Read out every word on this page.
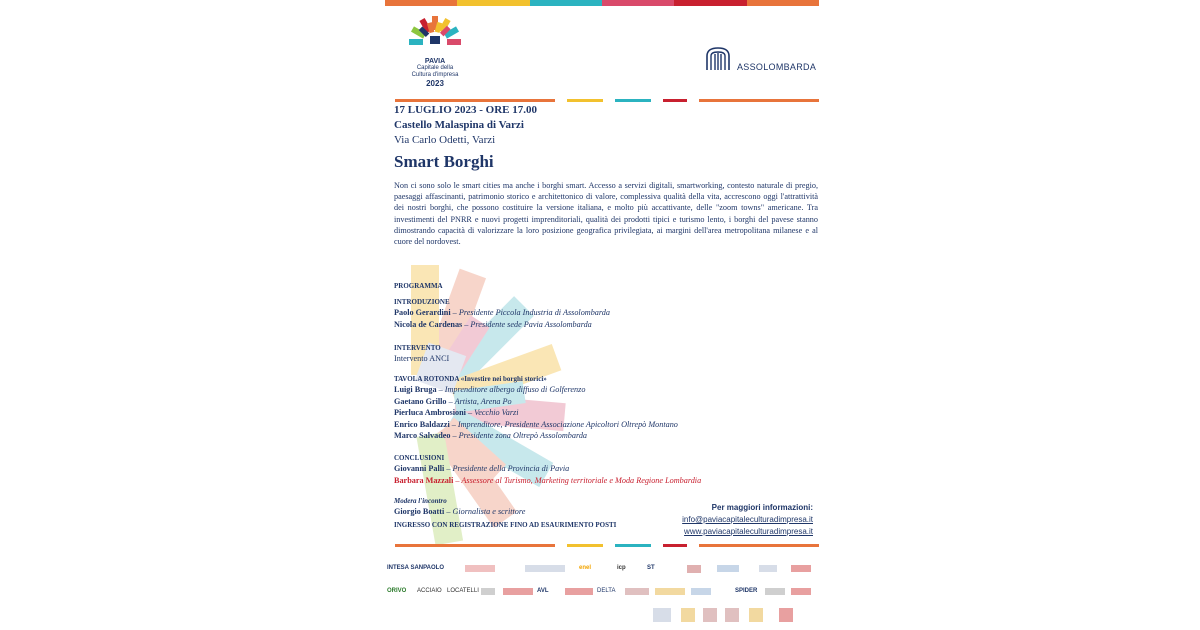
PAVIA
Capitale della
Cultura d'impresa
2023
ASSOLOMBARDA

17 LUGLIO 2023 - ORE 17.00

Castello Malaspina di Varzi

Via Carlo Odetti, Varzi

Smart Borghi

Non ci sono solo le smart cities ma anche i borghi smart. Accesso a servizi digitali, smartworking, contesto naturale di pregio, paesaggi affascinanti, patrimonio storico e architettonico di valore, complessiva qualità della vita, accrescono oggi l'attrattività dei nostri borghi, che possono costituire la versione italiana, e molto più accattivante, delle "zoom towns" americane. Tra investimenti del PNRR e nuovi progetti imprenditoriali, qualità dei prodotti tipici e turismo lento, i borghi del pavese stanno dimostrando capacità di valorizzare la loro posizione geografica privilegiata, ai margini dell'area metropolitana milanese e al cuore del nordovest.

PROGRAMMA
INTRODUZIONE
Paolo Gerardini – Presidente Piccola Industria di Assolombarda
Nicola de Cardenas – Presidente sede Pavia Assolombarda
INTERVENTO
Intervento ANCI
TAVOLA ROTONDA «Investire nei borghi storici»
Luigi Bruga – Imprenditore albergo diffuso di Golferenzo
Gaetano Grillo – Artista, Arena Po
Pierluca Ambrosioni – Vecchio Varzi
Enrico Baldazzi – Imprenditore, Presidente Associazione Apicoltori Oltrepò Montano
Marco Salvadeo – Presidente zona Oltrepò Assolombarda
CONCLUSIONI
Giovanni Palli – Presidente della Provincia di Pavia
Barbara Mazzali – Assessore al Turismo, Marketing territoriale e Moda Regione Lombardia
Modera l'incontro
Giorgio Boatti – Giornalista e scrittore
INGRESSO CON REGISTRAZIONE FINO AD ESAURIMENTO POSTI
Per maggiori informazioni:
info@paviacapitaleculturadimpresa.it
www.paviacapitaleculturadimpresa.it
INTESA SANPAOLO	enel	icp	ST
ORIVO ACCIAIO LOCATELLI	AVL	DELTA	SPIDER
